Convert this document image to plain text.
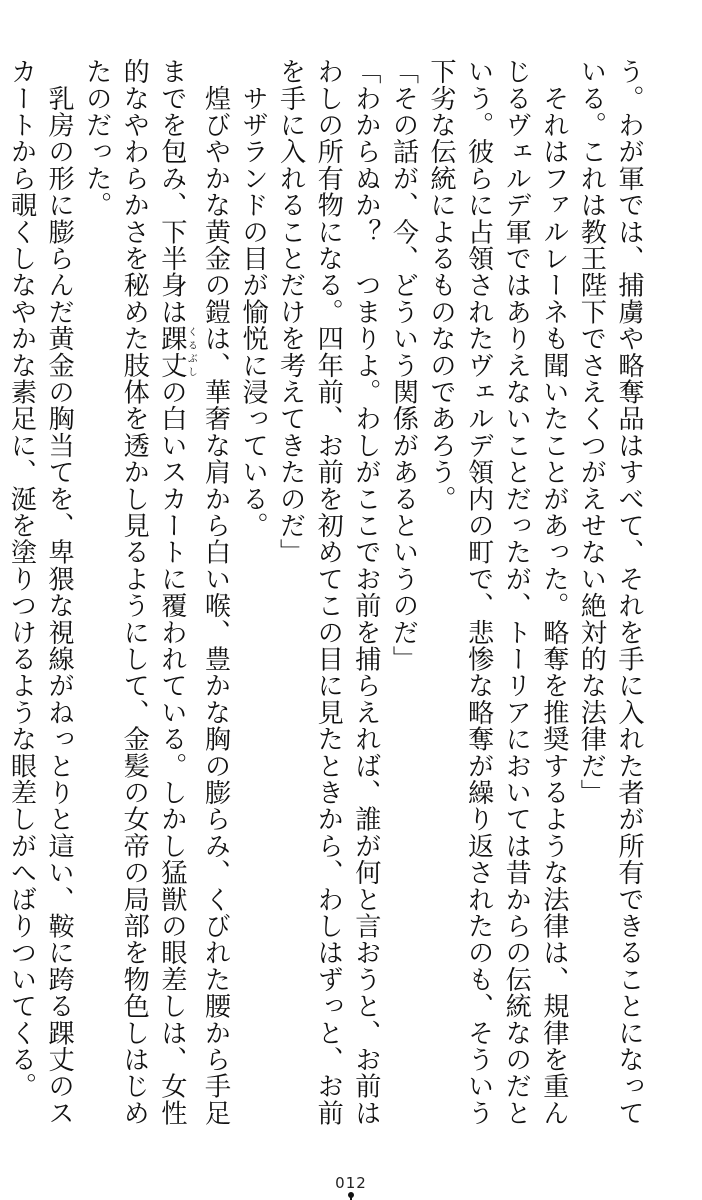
う。わが軍では、捕虜や略奪品はすべて、それを手に入れた者が所有できることになって
いる。これは教王陛下でさえくつがえせない絶対的な法律だ」
　それはファルレーネも聞いたことがあった。略奪を推奨するような法律は、規律を重ん
じるヴェルデ軍ではありえないことだったが、トーリアにおいては昔からの伝統なのだと
いう。彼らに占領されたヴェルデ領内の町で、悲惨な略奪が繰り返されたのも、そういう
下劣な伝統によるものなのであろう。
「その話が、今、どういう関係があるというのだ」
「わからぬか？　つまりよ。わしがここでお前を捕らえれば、誰が何と言おうと、お前は
わしの所有物になる。四年前、お前を初めてこの目に見たときから、わしはずっと、お前
を手に入れることだけを考えてきたのだ」
　サザランドの目が愉悦に浸っている。
　煌びやかな黄金の鎧は、華奢な肩から白い喉、豊かな胸の膨らみ、くびれた腰から手足
までを包み、下半身は踝丈くるぶしの白いスカートに覆われている。しかし猛獣の眼差しは、女性
的なやわらかさを秘めた肢体を透かし見るようにして、金髪の女帝の局部を物色しはじめ
たのだった。
　乳房の形に膨らんだ黄金の胸当てを、卑猥な視線がねっとりと這い、鞍に跨る踝丈のス
カートから覗くしなやかな素足に、涎を塗りつけるような眼差しがへばりついてくる。
012
